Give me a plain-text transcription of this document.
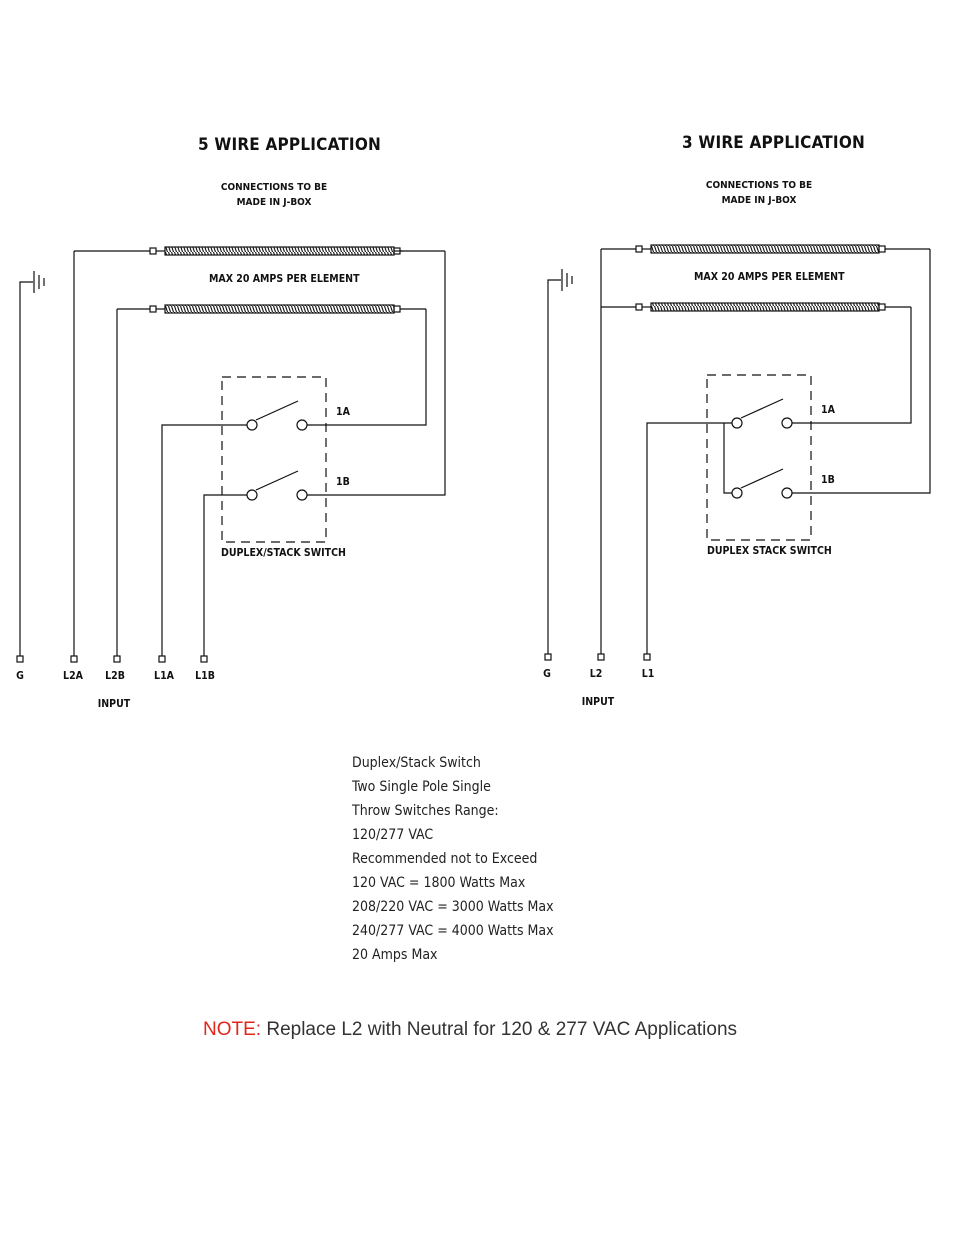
5 WIRE APPLICATION
CONNECTIONS TO BE
MADE IN J-BOX
MAX 20 AMPS PER ELEMENT
1A
1B
DUPLEX/STACK SWITCH
G	L2A L2B	L1A L1B
INPUT
3 WIRE APPLICATION
CONNECTIONS TO BE
MADE IN J-BOX
MAX 20 AMPS PER ELEMENT
1A
1B
DUPLEX STACK SWITCH
G	L2	L1
INPUT
Duplex/Stack Switch
Two Single Pole Single
Throw Switches Range:
120/277 VAC
Recommended not to Exceed
120 VAC = 1800 Watts Max
208/220 VAC = 3000 Watts Max
240/277 VAC = 4000 Watts Max
20 Amps Max
NOTE: Replace L2 with Neutral for 120 & 277 VAC Applications
